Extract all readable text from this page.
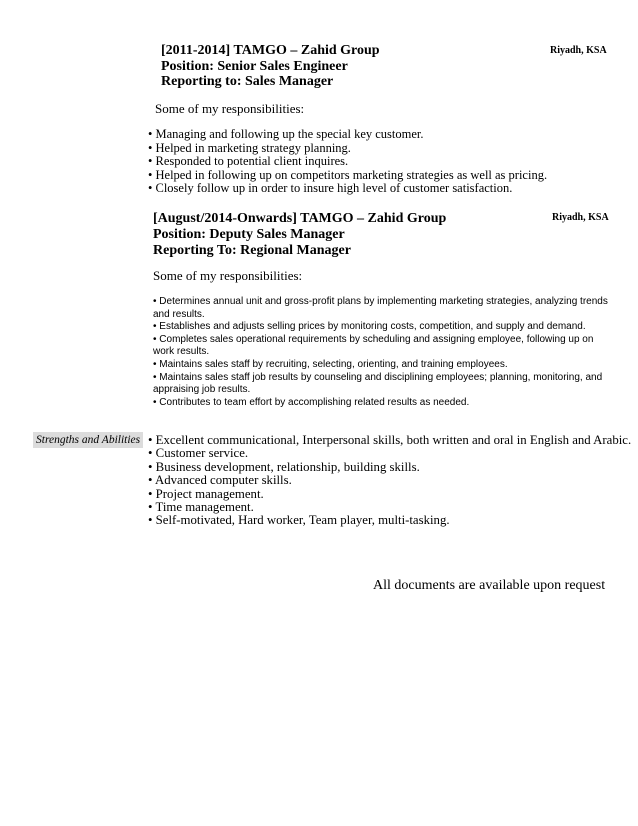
[2011-2014] TAMGO – Zahid Group
Position: Senior Sales Engineer
Reporting to: Sales Manager
Riyadh, KSA
Some of my responsibilities:
• Managing and following up the special key customer.
• Helped in marketing strategy planning.
• Responded to potential client inquires.
• Helped in following up on competitors marketing strategies as well as pricing.
• Closely follow up in order to insure high level of customer satisfaction.
[August/2014-Onwards] TAMGO – Zahid Group
Position: Deputy Sales Manager
Reporting To: Regional Manager
Riyadh, KSA
Some of my responsibilities:
• Determines annual unit and gross-profit plans by implementing marketing strategies, analyzing trends and results.
• Establishes and adjusts selling prices by monitoring costs, competition, and supply and demand.
• Completes sales operational requirements by scheduling and assigning employee, following up on work results.
• Maintains sales staff by recruiting, selecting, orienting, and training employees.
• Maintains sales staff job results by counseling and disciplining employees; planning, monitoring, and appraising job results.
• Contributes to team effort by accomplishing related results as needed.
Strengths and Abilities • Excellent communicational, Interpersonal skills, both written and oral in English and Arabic.
• Customer service.
• Business development, relationship, building skills.
• Advanced computer skills.
• Project management.
• Time management.
• Self-motivated, Hard worker, Team player, multi-tasking.
All documents are available upon request
